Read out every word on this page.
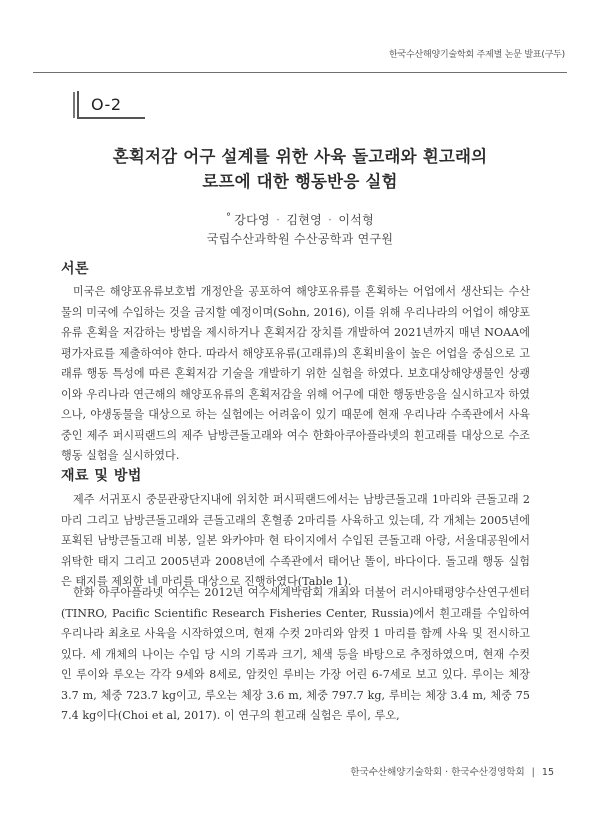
한국수산해양기술학회 주제별 논문 발표(구두)
O-2
혼획저감 어구 설계를 위한 사육 돌고래와 흰고래의
로프에 대한 행동반응 실험
° 강다영 · 김현영 · 이석형
국립수산과학원 수산공학과 연구원
서론

미국은 해양포유류보호법 개정안을 공포하여 해양포유류를 혼획하는 어업에서 생산되는 수산물의 미국에 수입하는 것을 금지할 예정이며(Sohn, 2016), 이를 위해 우리나라의 어업이 해양포유류 혼획을 저감하는 방법을 제시하거나 혼획저감 장치를 개발하여 2021년까지 매년 NOAA에 평가자료를 제출하여야 한다. 따라서 해양포유류(고래류)의 혼획비율이 높은 어업을 중심으로 고래류 행동 특성에 따른 혼획저감 기술을 개발하기 위한 실험을 하였다. 보호대상해양생물인 상괭이와 우리나라 연근해의 해양포유류의 혼획저감을 위해 어구에 대한 행동반응을 실시하고자 하였으나, 야생동물을 대상으로 하는 실험에는 어려움이 있기 때문에 현재 우리나라 수족관에서 사육 중인 제주 퍼시픽랜드의 제주 남방큰돌고래와 여수 한화아쿠아플라넷의 흰고래를 대상으로 수조 행동 실험을 실시하였다.

재료 및 방법

제주 서귀포시 중문관광단지내에 위치한 퍼시픽랜드에서는 남방큰돌고래 1마리와 큰돌고래 2마리 그리고 남방큰돌고래와 큰돌고래의 혼혈종 2마리를 사육하고 있는데, 각 개체는 2005년에 포획된 남방큰돌고래 비봉, 일본 와카야마 현 타이지에서 수입된 큰돌고래 아랑, 서울대공원에서 위탁한 태지 그리고 2005년과 2008년에 수족관에서 태어난 똘이, 바다이다. 돌고래 행동 실험은 태지를 제외한 네 마리를 대상으로 진행하였다(Table 1).

한화 아쿠아플라넷 여수는 2012년 여수세계박람회 개최와 더불어 러시아태평양수산연구센터(TINRO, Pacific Scientific Research Fisheries Center, Russia)에서 흰고래를 수입하여 우리나라 최초로 사육을 시작하였으며, 현재 수컷 2마리와 암컷 1 마리를 함께 사육 및 전시하고 있다. 세 개체의 나이는 수입 당 시의 기록과 크기, 체색 등을 바탕으로 추정하였으며, 현재 수컷인 루이와 루오는 각각 9세와 8세로, 암컷인 루비는 가장 어린 6-7세로 보고 있다. 루이는 체장 3.7 m, 체중 723.7 kg이고, 루오는 체장 3.6 m, 체중 797.7 kg, 루비는 체장 3.4 m, 체중 757.4 kg이다(Choi et al, 2017). 이 연구의 흰고래 실험은 루이, 루오,

한국수산해양기술학회 · 한국수산경영학회 | 15
